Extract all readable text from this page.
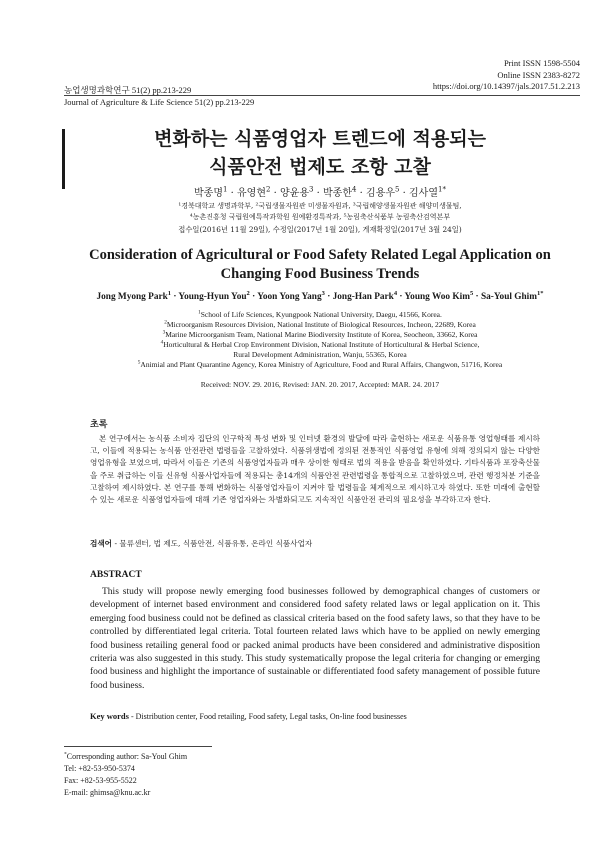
Print ISSN 1598-5504
Online ISSN 2383-8272
https://doi.org/10.14397/jals.2017.51.2.213
농업생명과학연구 51(2) pp.213-229
Journal of Agriculture & Life Science 51(2) pp.213-229
변화하는 식품영업자 트렌드에 적용되는
식품안전 법제도 조항 고찰
박종명$^1$ · 유영현$^2$ · 양윤용$^3$ · 박종한$^4$ · 김용우$^5$ · 김사열$^{1*}$
¹경북대학교 생명과학부, ²국립생물자원관 미생물자원과, ³국립해양생물자원관 해양미생물팀,
⁴농촌진흥청 국립원예특작과학원 원예환경특작과, ⁵농림축산식품부 농림축산검역본부
접수일(2016년 11월 29일), 수정일(2017년 1월 20일), 게재확정일(2017년 3월 24일)
Consideration of Agricultural or Food Safety Related Legal Application on
Changing Food Business Trends
Jong Myong Park$^1$ · Young-Hyun You$^2$ · Yoon Yong Yang$^3$ · Jong-Han Park$^4$ · Young Woo Kim$^5$ · Sa-Youl Ghim$^{1*}$
$^1$School of Life Sciences, Kyungpook National University, Daegu, 41566, Korea.
$^2$Microorganism Resources Division, National Institute of Biological Resources, Incheon, 22689, Korea
$^3$Marine Microorganism Team, National Marine Biodiversity Institute of Korea, Seocheon, 33662, Korea
$^4$Horticultural & Herbal Crop Environment Division, National Institute of Horticultural & Herbal Science,
Rural Development Administration, Wanju, 55365, Korea
$^5$Animial and Plant Quarantine Agency, Korea Ministry of Agriculture, Food and Rural Affairs, Changwon, 51716, Korea
Received: NOV. 29. 2016, Revised: JAN. 20. 2017, Accepted: MAR. 24. 2017
초록

본 연구에서는 농식품 소비자 집단의 인구학적 특성 변화 및 인터넷 환경의 발달에 따라 출현하는 새로운 식품유통 영업형태를 제시하고, 이들에 적용되는 농식품 안전관련 법령들을 고찰하였다. 식품위생법에 정의된 전통적인 식품영업 유형에 의해 정의되지 않는 다양한 영업유형을 보였으며, 따라서 이들은 기존의 식품영업자들과 매우 상이한 형태로 법의 적용을 받음을 확인하였다. 기타식품과 포장축산물을 주로 취급하는 이들 신유형 식품사업자들에 적용되는 총14개의 식품안전 관련법령을 통합적으로 고찰하였으며, 관련 행정처분 기준을 고찰하여 제시하였다. 본 연구를 통해 변화하는 식품영업자들이 지켜야 할 법령들을 체계적으로 제시하고자 하였다. 또한 미래에 출현할 수 있는 새로운 식품영업자들에 대해 기존 영업자와는 차별화되고도 지속적인 식품안전 관리의 필요성을 부각하고자 한다.

검색어 - 물류센터, 법 제도, 식품안전, 식품유통, 온라인 식품사업자
ABSTRACT

This study will propose newly emerging food businesses followed by demographical changes of customers or development of internet based environment and considered food safety related laws or legal application on it. This emerging food business could not be defined as classical criteria based on the food safety laws, so that they have to be controlled by differentiated legal criteria. Total fourteen related laws which have to be applied on newly emerging food business retailing general food or packed animal products have been considered and administrative disposition criteria was also suggested in this study. This study systematically propose the legal criteria for changing or emerging food business and highlight the importance of sustainable or differentiated food safety management of possible future food business.

Key words - Distribution center, Food retailing, Food safety, Legal tasks, On-line food businesses
*Corresponding author: Sa-Youl Ghim
Tel: +82-53-950-5374
Fax: +82-53-955-5522
E-mail: ghimsa@knu.ac.kr
